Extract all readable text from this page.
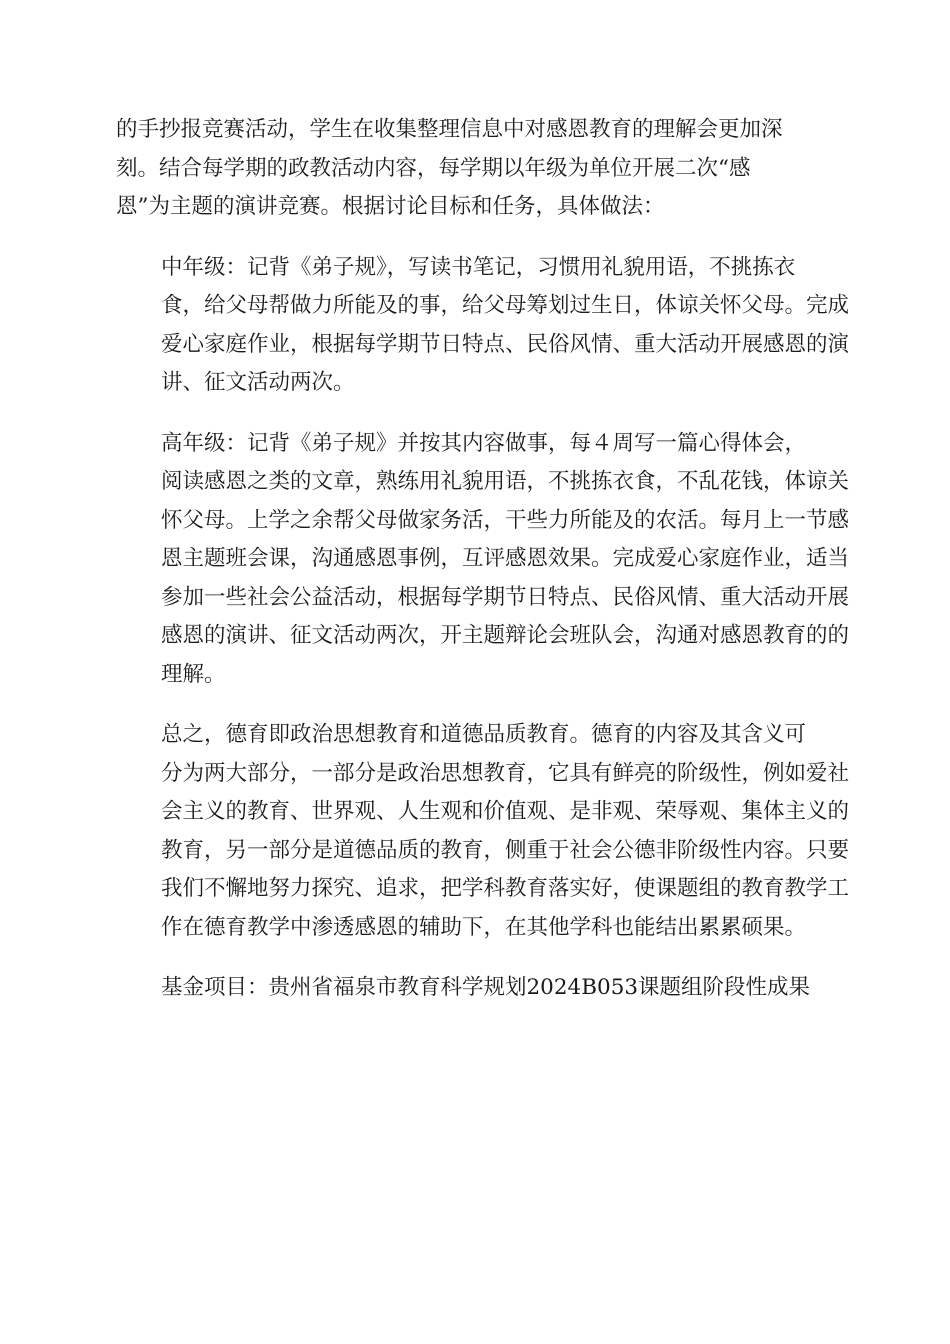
的手抄报竞赛活动，学生在收集整理信息中对感恩教育的理解会更加深
刻。结合每学期的政教活动内容，每学期以年级为单位开展二次“感
恩”为主题的演讲竞赛。根据讨论目标和任务，具体做法：

中年级：记背《弟子规》，写读书笔记，习惯用礼貌用语，不挑拣衣
食，给父母帮做力所能及的事，给父母筹划过生日，体谅关怀父母。完成
爱心家庭作业，根据每学期节日特点、民俗风情、重大活动开展感恩的演
讲、征文活动两次。

高年级：记背《弟子规》并按其内容做事，每４周写一篇心得体会，
阅读感恩之类的文章，熟练用礼貌用语，不挑拣衣食，不乱花钱，体谅关
怀父母。上学之余帮父母做家务活，干些力所能及的农活。每月上一节感
恩主题班会课，沟通感恩事例，互评感恩效果。完成爱心家庭作业，适当
参加一些社会公益活动，根据每学期节日特点、民俗风情、重大活动开展
感恩的演讲、征文活动两次，开主题辩论会班队会，沟通对感恩教育的的
理解。

总之，德育即政治思想教育和道德品质教育。德育的内容及其含义可
分为两大部分，一部分是政治思想教育，它具有鲜亮的阶级性，例如爱社
会主义的教育、世界观、人生观和价值观、是非观、荣辱观、集体主义的
教育，另一部分是道德品质的教育，侧重于社会公德非阶级性内容。只要
我们不懈地努力探究、追求，把学科教育落实好，使课题组的教育教学工
作在德育教学中渗透感恩的辅助下，在其他学科也能结出累累硕果。

基金项目：贵州省福泉市教育科学规划2024B053课题组阶段性成果
